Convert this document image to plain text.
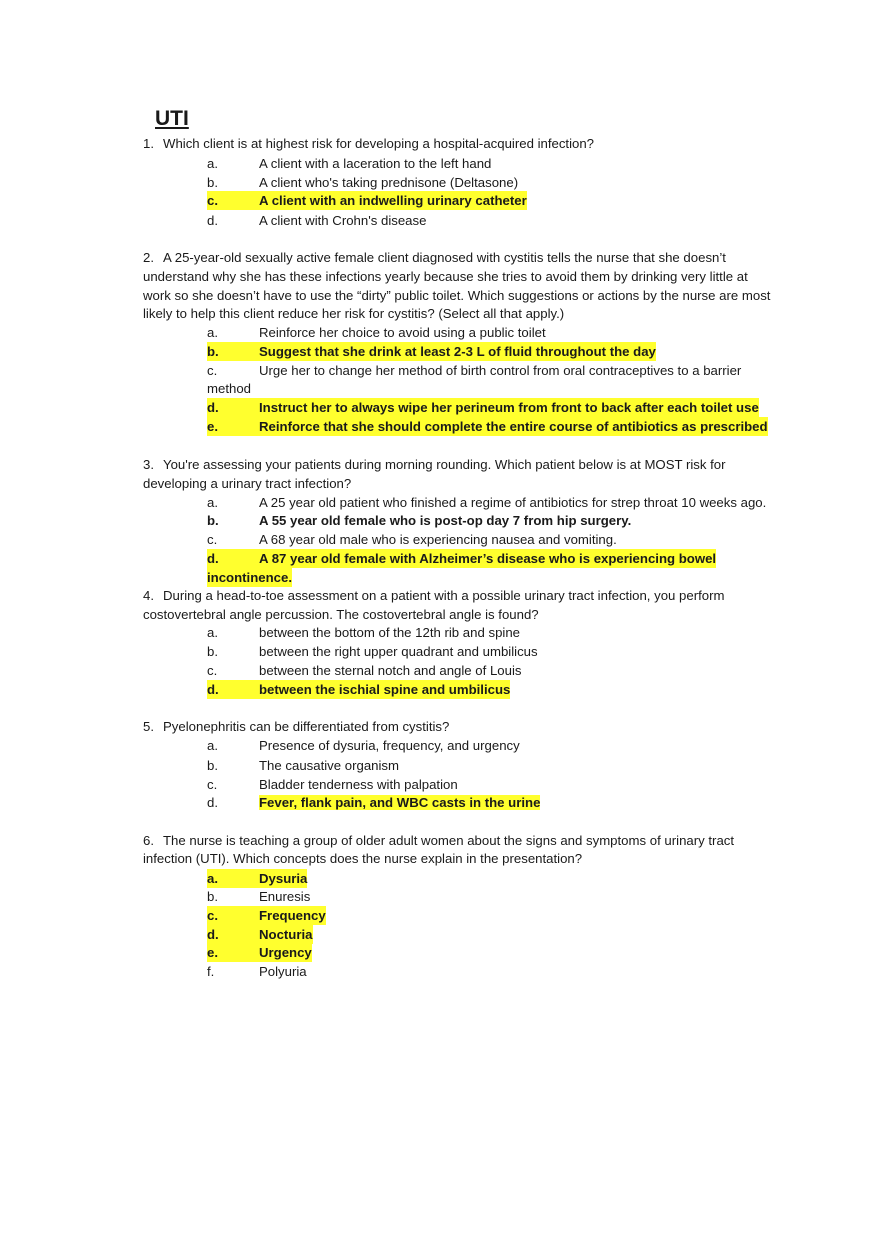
UTI
1. Which client is at highest risk for developing a hospital-acquired infection?
a.	A client with a laceration to the left hand
b.	A client who's taking prednisone (Deltasone)
c.	A client with an indwelling urinary catheter
d.	A client with Crohn's disease
2. A 25-year-old sexually active female client diagnosed with cystitis tells the nurse that she doesn’t
understand why she has these infections yearly because she tries to avoid them by drinking very little at
work so she doesn’t have to use the “dirty” public toilet. Which suggestions or actions by the nurse are most
likely to help this client reduce her risk for cystitis? (Select all that apply.)
a.	Reinforce her choice to avoid using a public toilet
b.	Suggest that she drink at least 2-3 L of fluid throughout the day
c.	Urge her to change her method of birth control from oral contraceptives to a barrier
method
d.	Instruct her to always wipe her perineum from front to back after each toilet use
e.	Reinforce that she should complete the entire course of antibiotics as prescribed
3. You're assessing your patients during morning rounding. Which patient below is at MOST risk for
developing a urinary tract infection?
a.	A 25 year old patient who finished a regime of antibiotics for strep throat 10 weeks ago.
b.	A 55 year old female who is post-op day 7 from hip surgery.
c.	A 68 year old male who is experiencing nausea and vomiting.
d.	A 87 year old female with Alzheimer’s disease who is experiencing bowel
incontinence.
4. During a head-to-toe assessment on a patient with a possible urinary tract infection, you perform
costovertebral angle percussion. The costovertebral angle is found?
a.	between the bottom of the 12th rib and spine
b.	between the right upper quadrant and umbilicus
c.	between the sternal notch and angle of Louis
d.	between the ischial spine and umbilicus
5. Pyelonephritis can be differentiated from cystitis?
a.	Presence of dysuria, frequency, and urgency
b.	The causative organism
c.	Bladder tenderness with palpation
d.	Fever, flank pain, and WBC casts in the urine
6. The nurse is teaching a group of older adult women about the signs and symptoms of urinary tract
infection (UTI). Which concepts does the nurse explain in the presentation?
a.	Dysuria
b.	Enuresis
c.	Frequency
d.	Nocturia
e.	Urgency
f.	Polyuria
